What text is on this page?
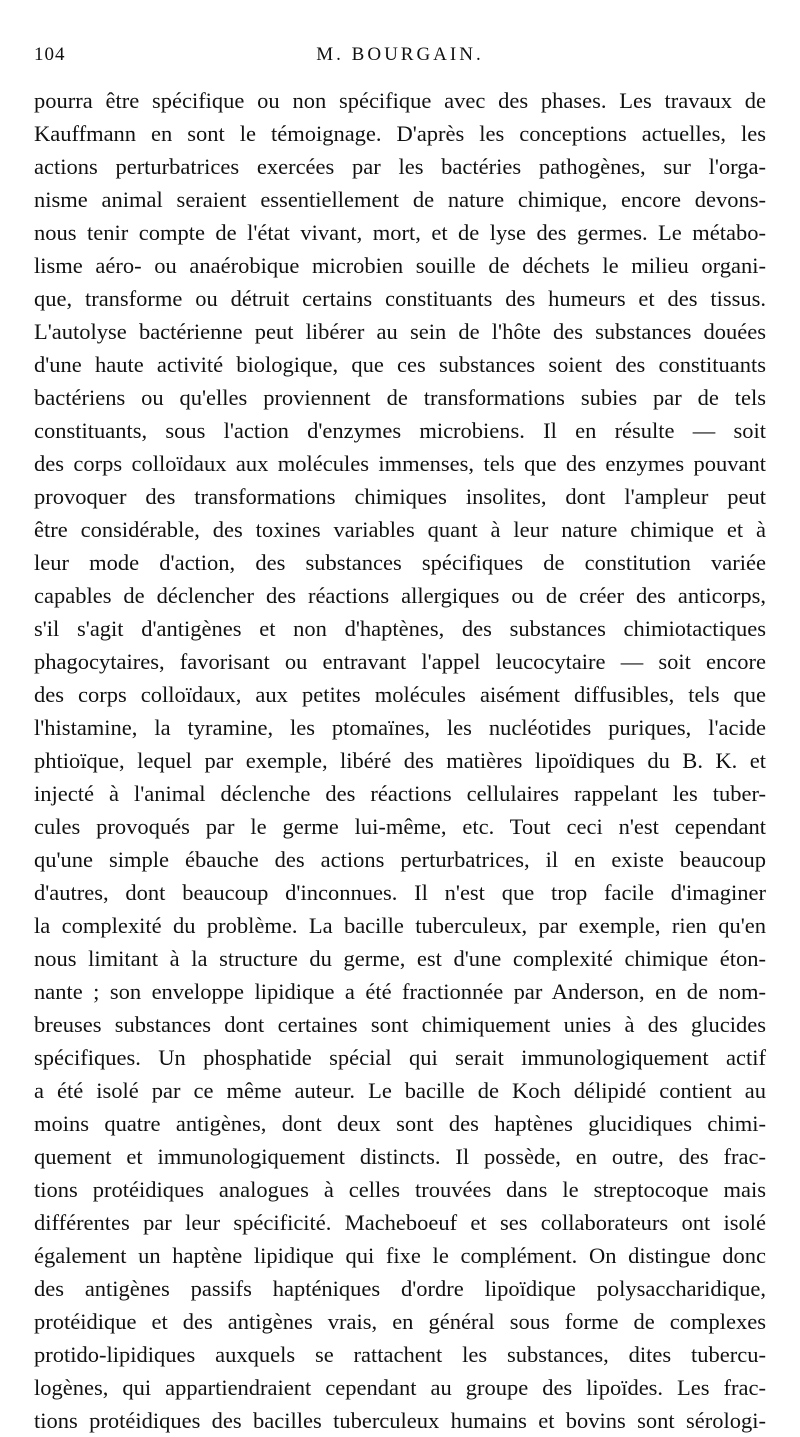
104	M. BOURGAIN.
pourra être spécifique ou non spécifique avec des phases. Les travaux de
Kauffmann en sont le témoignage. D'après les conceptions actuelles, les
actions perturbatrices exercées par les bactéries pathogènes, sur l'orga-
nisme animal seraient essentiellement de nature chimique, encore devons-
nous tenir compte de l'état vivant, mort, et de lyse des germes. Le métabo-
lisme aéro- ou anaérobique microbien souille de déchets le milieu organi-
que, transforme ou détruit certains constituants des humeurs et des tissus.
L'autolyse bactérienne peut libérer au sein de l'hôte des substances douées
d'une haute activité biologique, que ces substances soient des constituants
bactériens ou qu'elles proviennent de transformations subies par de tels
constituants, sous l'action d'enzymes microbiens. Il en résulte — soit
des corps colloïdaux aux molécules immenses, tels que des enzymes pouvant
provoquer des transformations chimiques insolites, dont l'ampleur peut
être considérable, des toxines variables quant à leur nature chimique et à
leur mode d'action, des substances spécifiques de constitution variée
capables de déclencher des réactions allergiques ou de créer des anticorps,
s'il s'agit d'antigènes et non d'haptènes, des substances chimiotactiques
phagocytaires, favorisant ou entravant l'appel leucocytaire — soit encore
des corps colloïdaux, aux petites molécules aisément diffusibles, tels que
l'histamine, la tyramine, les ptomaïnes, les nucléotides puriques, l'acide
phtioïque, lequel par exemple, libéré des matières lipoïdiques du B. K. et
injecté à l'animal déclenche des réactions cellulaires rappelant les tuber-
cules provoqués par le germe lui-même, etc. Tout ceci n'est cependant
qu'une simple ébauche des actions perturbatrices, il en existe beaucoup
d'autres, dont beaucoup d'inconnues. Il n'est que trop facile d'imaginer
la complexité du problème. La bacille tuberculeux, par exemple, rien qu'en
nous limitant à la structure du germe, est d'une complexité chimique éton-
nante ; son enveloppe lipidique a été fractionnée par Anderson, en de nom-
breuses substances dont certaines sont chimiquement unies à des glucides
spécifiques. Un phosphatide spécial qui serait immunologiquement actif
a été isolé par ce même auteur. Le bacille de Koch délipidé contient au
moins quatre antigènes, dont deux sont des haptènes glucidiques chimi-
quement et immunologiquement distincts. Il possède, en outre, des frac-
tions protéidiques analogues à celles trouvées dans le streptocoque mais
différentes par leur spécificité. Macheboeuf et ses collaborateurs ont isolé
également un haptène lipidique qui fixe le complément. On distingue donc
des antigènes passifs hapténiques d'ordre lipoïdique polysaccharidique,
protéidique et des antigènes vrais, en général sous forme de complexes
protido-lipidiques auxquels se rattachent les substances, dites tubercu-
logènes, qui appartiendraient cependant au groupe des lipoïdes. Les frac-
tions protéidiques des bacilles tuberculeux humains et bovins sont sérologi-
